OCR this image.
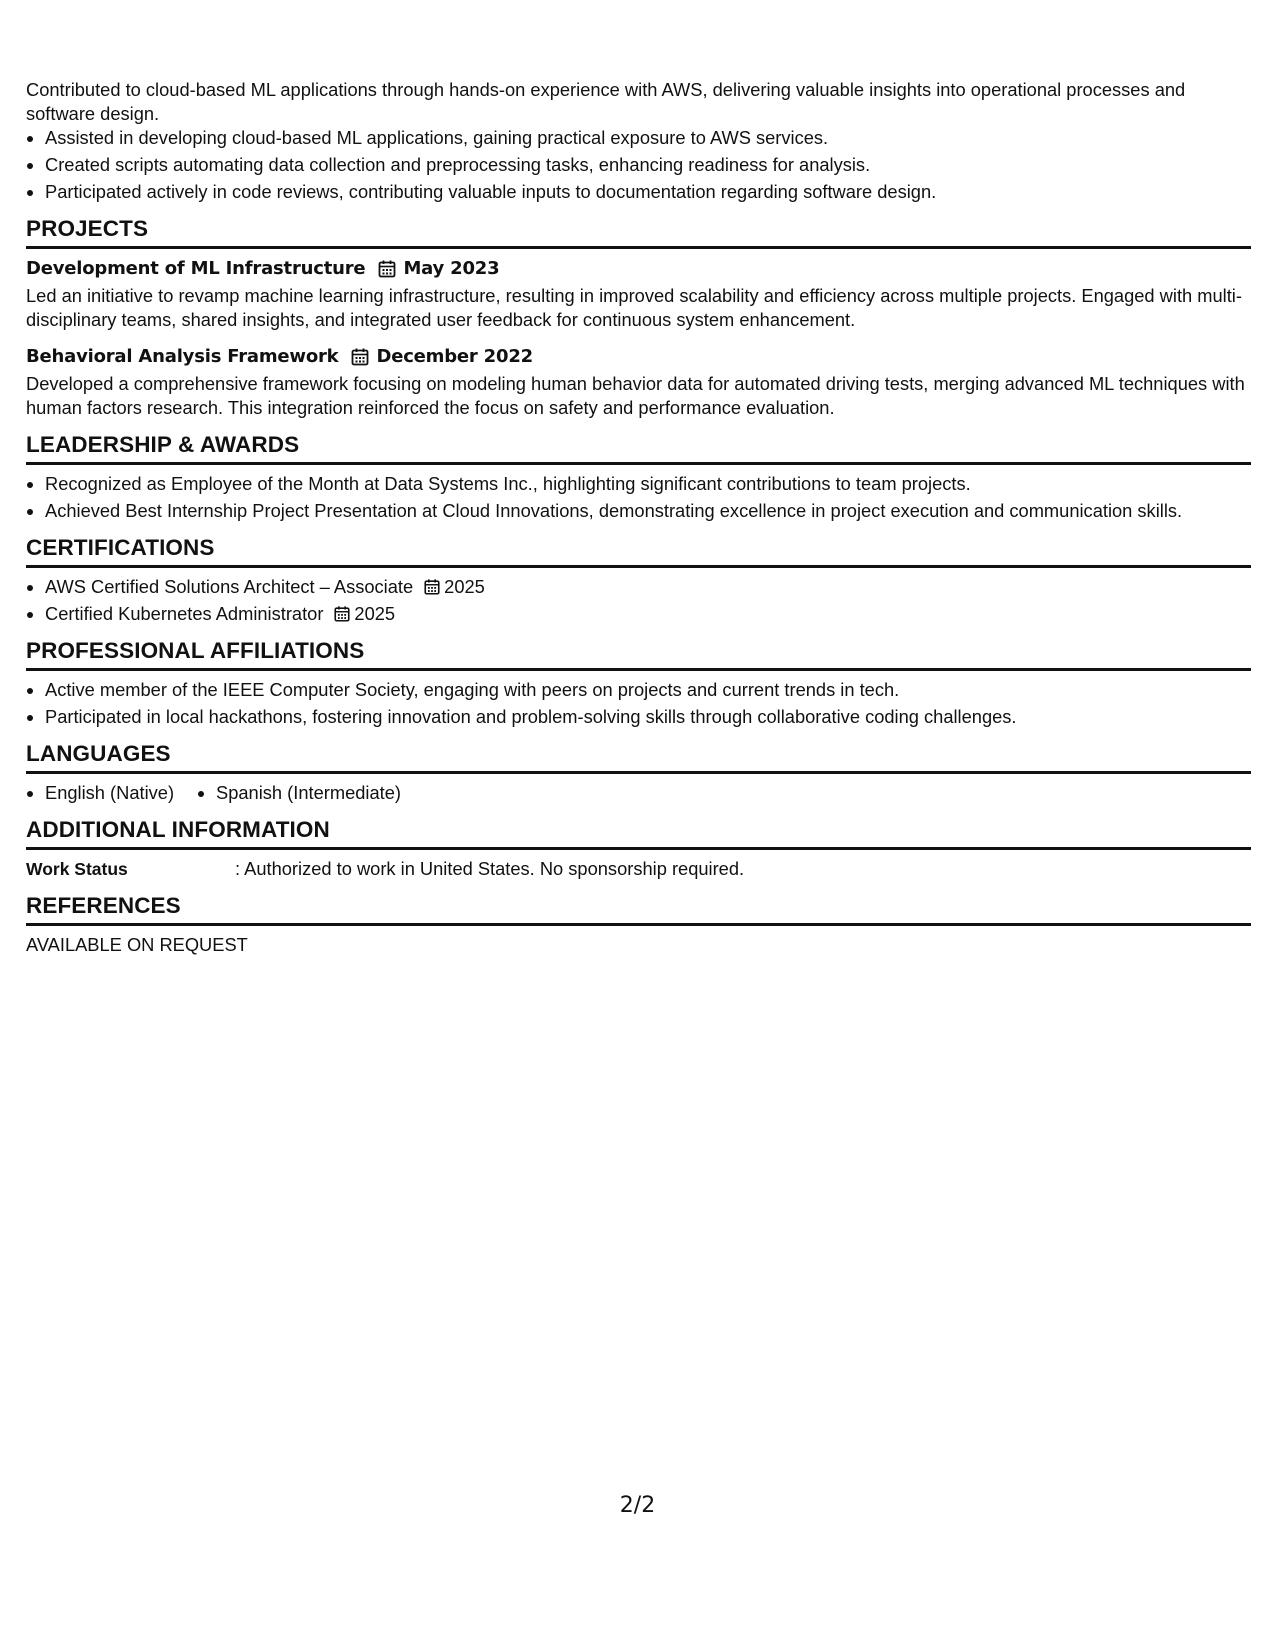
Contributed to cloud-based ML applications through hands-on experience with AWS, delivering valuable insights into operational processes and software design.

• Assisted in developing cloud-based ML applications, gaining practical exposure to AWS services.
• Created scripts automating data collection and preprocessing tasks, enhancing readiness for analysis.
• Participated actively in code reviews, contributing valuable inputs to documentation regarding software design.
PROJECTS
Development of ML Infrastructure May 2023

Led an initiative to revamp machine learning infrastructure, resulting in improved scalability and efficiency across multiple projects. Engaged with multi-disciplinary teams, shared insights, and integrated user feedback for continuous system enhancement.

Behavioral Analysis Framework December 2022

Developed a comprehensive framework focusing on modeling human behavior data for automated driving tests, merging advanced ML techniques with human factors research. This integration reinforced the focus on safety and performance evaluation.

LEADERSHIP & AWARDS
• Recognized as Employee of the Month at Data Systems Inc., highlighting significant contributions to team projects.
• Achieved Best Internship Project Presentation at Cloud Innovations, demonstrating excellence in project execution and communication skills.
CERTIFICATIONS
• AWS Certified Solutions Architect – Associate 2025
• Certified Kubernetes Administrator 2025
PROFESSIONAL AFFILIATIONS
• Active member of the IEEE Computer Society, engaging with peers on projects and current trends in tech.
• Participated in local hackathons, fostering innovation and problem-solving skills through collaborative coding challenges.
LANGUAGES
• English (Native)
• Spanish (Intermediate)
ADDITIONAL INFORMATION
Work Status	: Authorized to work in United States. No sponsorship required.
REFERENCES

AVAILABLE ON REQUEST

2/2
